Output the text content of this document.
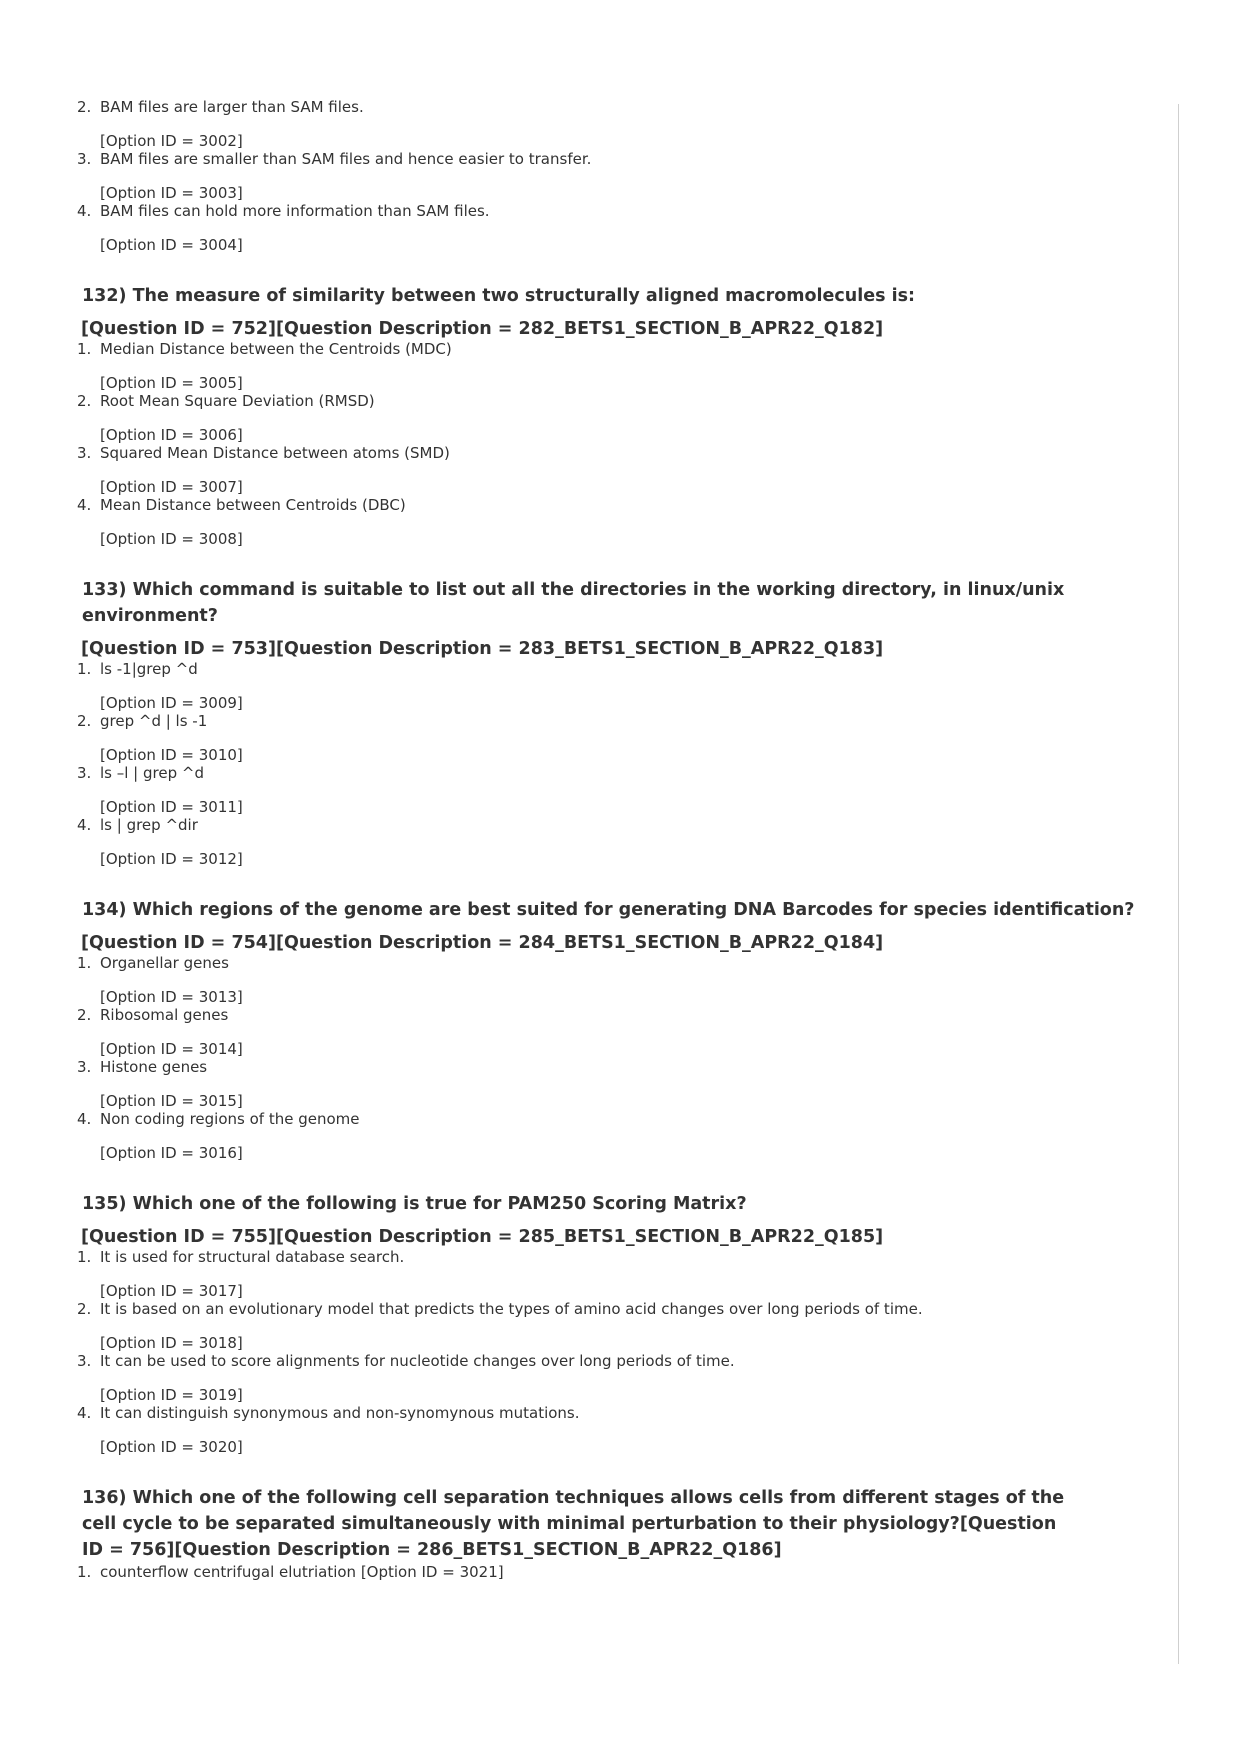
2. BAM files are larger than SAM files.
[Option ID = 3002]
3. BAM files are smaller than SAM files and hence easier to transfer.
[Option ID = 3003]
4. BAM files can hold more information than SAM files.
[Option ID = 3004]
132) The measure of similarity between two structurally aligned macromolecules is:
[Question ID = 752][Question Description = 282_BETS1_SECTION_B_APR22_Q182]
1. Median Distance between the Centroids (MDC)
[Option ID = 3005]
2. Root Mean Square Deviation (RMSD)
[Option ID = 3006]
3. Squared Mean Distance between atoms (SMD)
[Option ID = 3007]
4. Mean Distance between Centroids (DBC)
[Option ID = 3008]
133) Which command is suitable to list out all the directories in the working directory, in linux/unix environment?
[Question ID = 753][Question Description = 283_BETS1_SECTION_B_APR22_Q183]
1. ls -1|grep ^d
[Option ID = 3009]
2. grep ^d | ls -1
[Option ID = 3010]
3. ls –l | grep ^d
[Option ID = 3011]
4. ls | grep ^dir
[Option ID = 3012]
134) Which regions of the genome are best suited for generating DNA Barcodes for species identification?
[Question ID = 754][Question Description = 284_BETS1_SECTION_B_APR22_Q184]
1. Organellar genes
[Option ID = 3013]
2. Ribosomal genes
[Option ID = 3014]
3. Histone genes
[Option ID = 3015]
4. Non coding regions of the genome
[Option ID = 3016]
135) Which one of the following is true for PAM250 Scoring Matrix?
[Question ID = 755][Question Description = 285_BETS1_SECTION_B_APR22_Q185]
1. It is used for structural database search.
[Option ID = 3017]
2. It is based on an evolutionary model that predicts the types of amino acid changes over long periods of time.
[Option ID = 3018]
3. It can be used to score alignments for nucleotide changes over long periods of time.
[Option ID = 3019]
4. It can distinguish synonymous and non-synomynous mutations.
[Option ID = 3020]
136) Which one of the following cell separation techniques allows cells from different stages of the cell cycle to be separated simultaneously with minimal perturbation to their physiology?[Question ID = 756][Question Description = 286_BETS1_SECTION_B_APR22_Q186]
1. counterflow centrifugal elutriation [Option ID = 3021]
